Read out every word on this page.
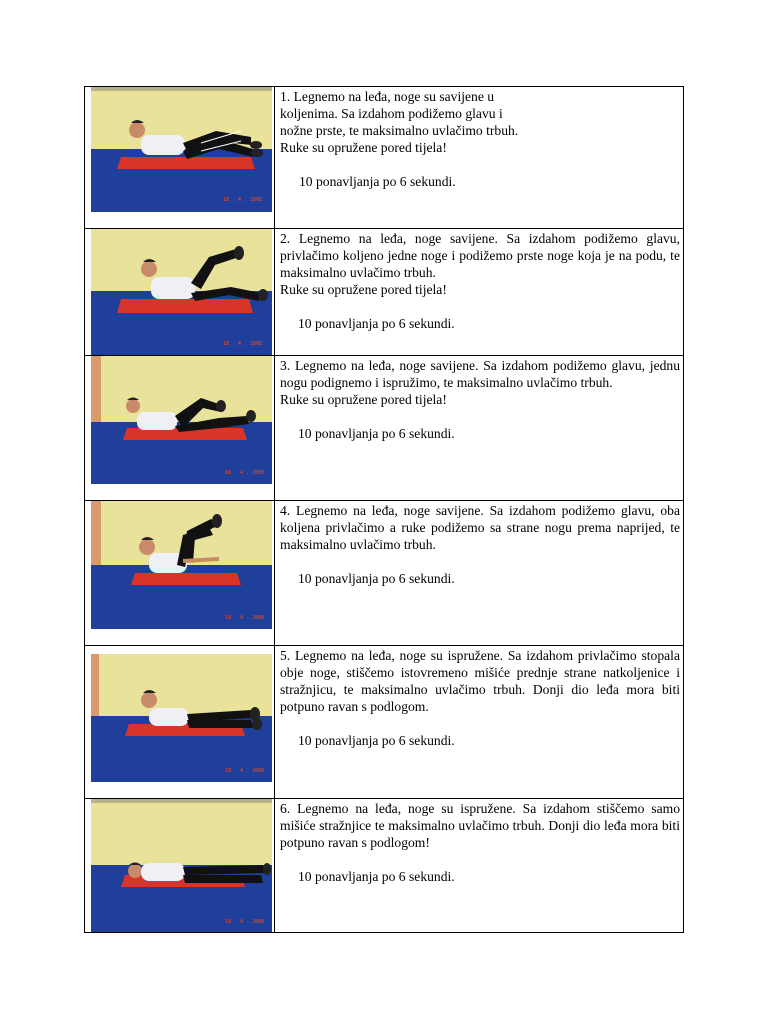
18 . 4 . 2008

1. Legnemo na leđa, noge su savijene u
koljenima. Sa izdahom podižemo glavu i
nožne prste, te maksimalno uvlačimo trbuh.
Ruke su opružene pored tijela!

10 ponavljanja po 6 sekundi.

18 . 4 . 2008

2. Legnemo na leđa, noge savijene. Sa izdahom podižemo glavu, privlačimo koljeno jedne noge i podižemo prste noge koja je na podu, te maksimalno uvlačimo trbuh.

Ruke su opružene pored tijela!

10 ponavljanja po 6 sekundi.

18 . 4 . 2008

3. Legnemo na leđa, noge savijene. Sa izdahom podižemo glavu, jednu nogu podignemo i ispružimo, te maksimalno uvlačimo trbuh.

Ruke su opružene pored tijela!

10 ponavljanja po 6 sekundi.

18 . 4 . 2008

4. Legnemo na leđa, noge savijene. Sa izdahom podižemo glavu, oba koljena privlačimo a ruke podižemo sa strane nogu prema naprijed, te maksimalno uvlačimo trbuh.

10 ponavljanja po 6 sekundi.

18 . 4 . 2008

5. Legnemo na leđa, noge su ispružene. Sa izdahom privlačimo stopala obje noge, stiščemo istovremeno mišiće prednje strane natkoljenice i stražnjicu, te maksimalno uvlačimo trbuh. Donji dio leđa mora biti potpuno ravan s podlogom.

10 ponavljanja po 6 sekundi.

18 . 4 . 2008

6. Legnemo na leđa, noge su ispružene. Sa izdahom stiščemo samo mišiće stražnjice te maksimalno uvlačimo trbuh. Donji dio leđa mora biti potpuno ravan s podlogom!

10 ponavljanja po 6 sekundi.
